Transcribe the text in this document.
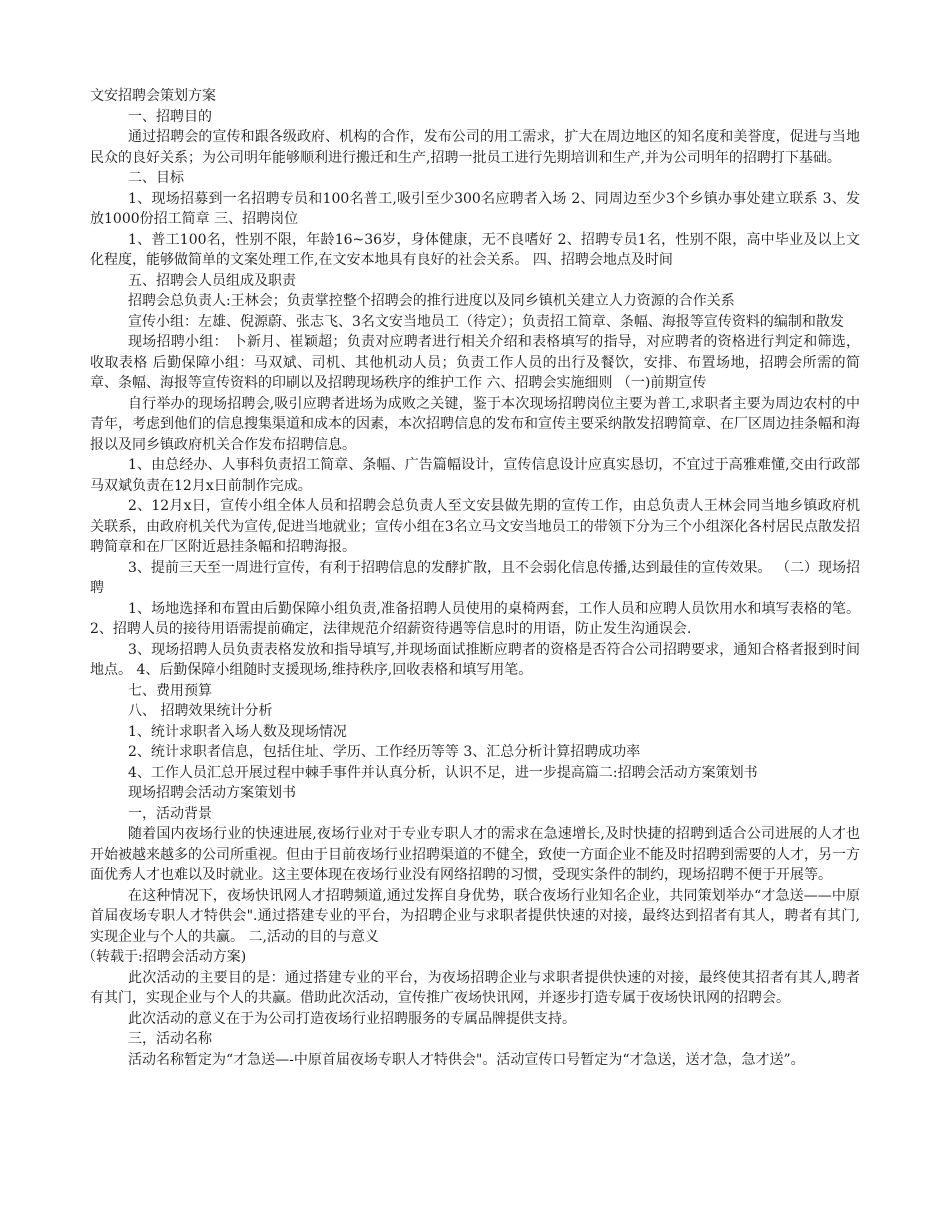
文安招聘会策划方案

一、招聘目的

通过招聘会的宣传和跟各级政府、机构的合作，发布公司的用工需求，扩大在周边地区的知名度和美誉度，促进与当地民众的良好关系；为公司明年能够顺利进行搬迁和生产,招聘一批员工进行先期培训和生产,并为公司明年的招聘打下基础。

二、目标

1、现场招募到一名招聘专员和100名普工,吸引至少300名应聘者入场 2、同周边至少3个乡镇办事处建立联系 3、发放1000份招工简章 三、招聘岗位

1、普工100名，性别不限，年龄16~36岁，身体健康，无不良嗜好 2、招聘专员1名，性别不限，高中毕业及以上文化程度，能够做简单的文案处理工作,在文安本地具有良好的社会关系。 四、招聘会地点及时间

五、招聘会人员组成及职责

招聘会总负责人:王林会；负责掌控整个招聘会的推行进度以及同乡镇机关建立人力资源的合作关系

宣传小组：左雄、倪源蔚、张志飞、3名文安当地员工（待定）；负责招工简章、条幅、海报等宣传资料的编制和散发

现场招聘小组： 卜新月、崔颖超；负责对应聘者进行相关介绍和表格填写的指导，对应聘者的资格进行判定和筛选，收取表格 后勤保障小组：马双斌、司机、其他机动人员；负责工作人员的出行及餐饮，安排、布置场地，招聘会所需的简章、条幅、海报等宣传资料的印刷以及招聘现场秩序的维护工作 六、招聘会实施细则 （一)前期宣传

自行举办的现场招聘会,吸引应聘者进场为成败之关键，鉴于本次现场招聘岗位主要为普工,求职者主要为周边农村的中青年，考虑到他们的信息搜集渠道和成本的因素，本次招聘信息的发布和宣传主要采纳散发招聘简章、在厂区周边挂条幅和海报以及同乡镇政府机关合作发布招聘信息。

1、由总经办、人事科负责招工简章、条幅、广告篇幅设计，宣传信息设计应真实恳切，不宜过于高雅难懂,交由行政部马双斌负责在12月x日前制作完成。

2、12月x日，宣传小组全体人员和招聘会总负责人至文安县做先期的宣传工作，由总负责人王林会同当地乡镇政府机关联系，由政府机关代为宣传,促进当地就业；宣传小组在3名立马文安当地员工的带领下分为三个小组深化各村居民点散发招聘简章和在厂区附近悬挂条幅和招聘海报。

3、提前三天至一周进行宣传，有利于招聘信息的发酵扩散，且不会弱化信息传播,达到最佳的宣传效果。 （二）现场招聘

1、场地选择和布置由后勤保障小组负责,准备招聘人员使用的桌椅两套，工作人员和应聘人员饮用水和填写表格的笔。 2、招聘人员的接待用语需提前确定，法律规范介绍薪资待遇等信息时的用语，防止发生沟通误会.

3、现场招聘人员负责表格发放和指导填写,并现场面试推断应聘者的资格是否符合公司招聘要求，通知合格者报到时间地点。 4、后勤保障小组随时支援现场,维持秩序,回收表格和填写用笔。

七、费用预算

八、 招聘效果统计分析

1、统计求职者入场人数及现场情况

2、统计求职者信息，包括住址、学历、工作经历等等 3、汇总分析计算招聘成功率

4、工作人员汇总开展过程中棘手事件并认真分析，认识不足，进一步提高篇二:招聘会活动方案策划书

现场招聘会活动方案策划书

一，活动背景

随着国内夜场行业的快速进展,夜场行业对于专业专职人才的需求在急速增长,及时快捷的招聘到适合公司进展的人才也开始被越来越多的公司所重视。但由于目前夜场行业招聘渠道的不健全，致使一方面企业不能及时招聘到需要的人才，另一方面优秀人才也难以及时就业。这主要体现在夜场行业没有网络招聘的习惯，受现实条件的制约，现场招聘不便于开展等。

在这种情况下，夜场快讯网人才招聘频道,通过发挥自身优势，联合夜场行业知名企业，共同策划举办“才急送——中原首届夜场专职人才特供会".通过搭建专业的平台，为招聘企业与求职者提供快速的对接，最终达到招者有其人，聘者有其门,实现企业与个人的共赢。 二,活动的目的与意义

（转载于:招聘会活动方案)

此次活动的主要目的是：通过搭建专业的平台，为夜场招聘企业与求职者提供快速的对接，最终使其招者有其人,聘者有其门，实现企业与个人的共赢。借助此次活动，宣传推广夜场快讯网，并逐步打造专属于夜场快讯网的招聘会。

此次活动的意义在于为公司打造夜场行业招聘服务的专属品牌提供支持。

三，活动名称

活动名称暂定为“才急送—-中原首届夜场专职人才特供会"。活动宣传口号暂定为“才急送，送才急，急才送”。
